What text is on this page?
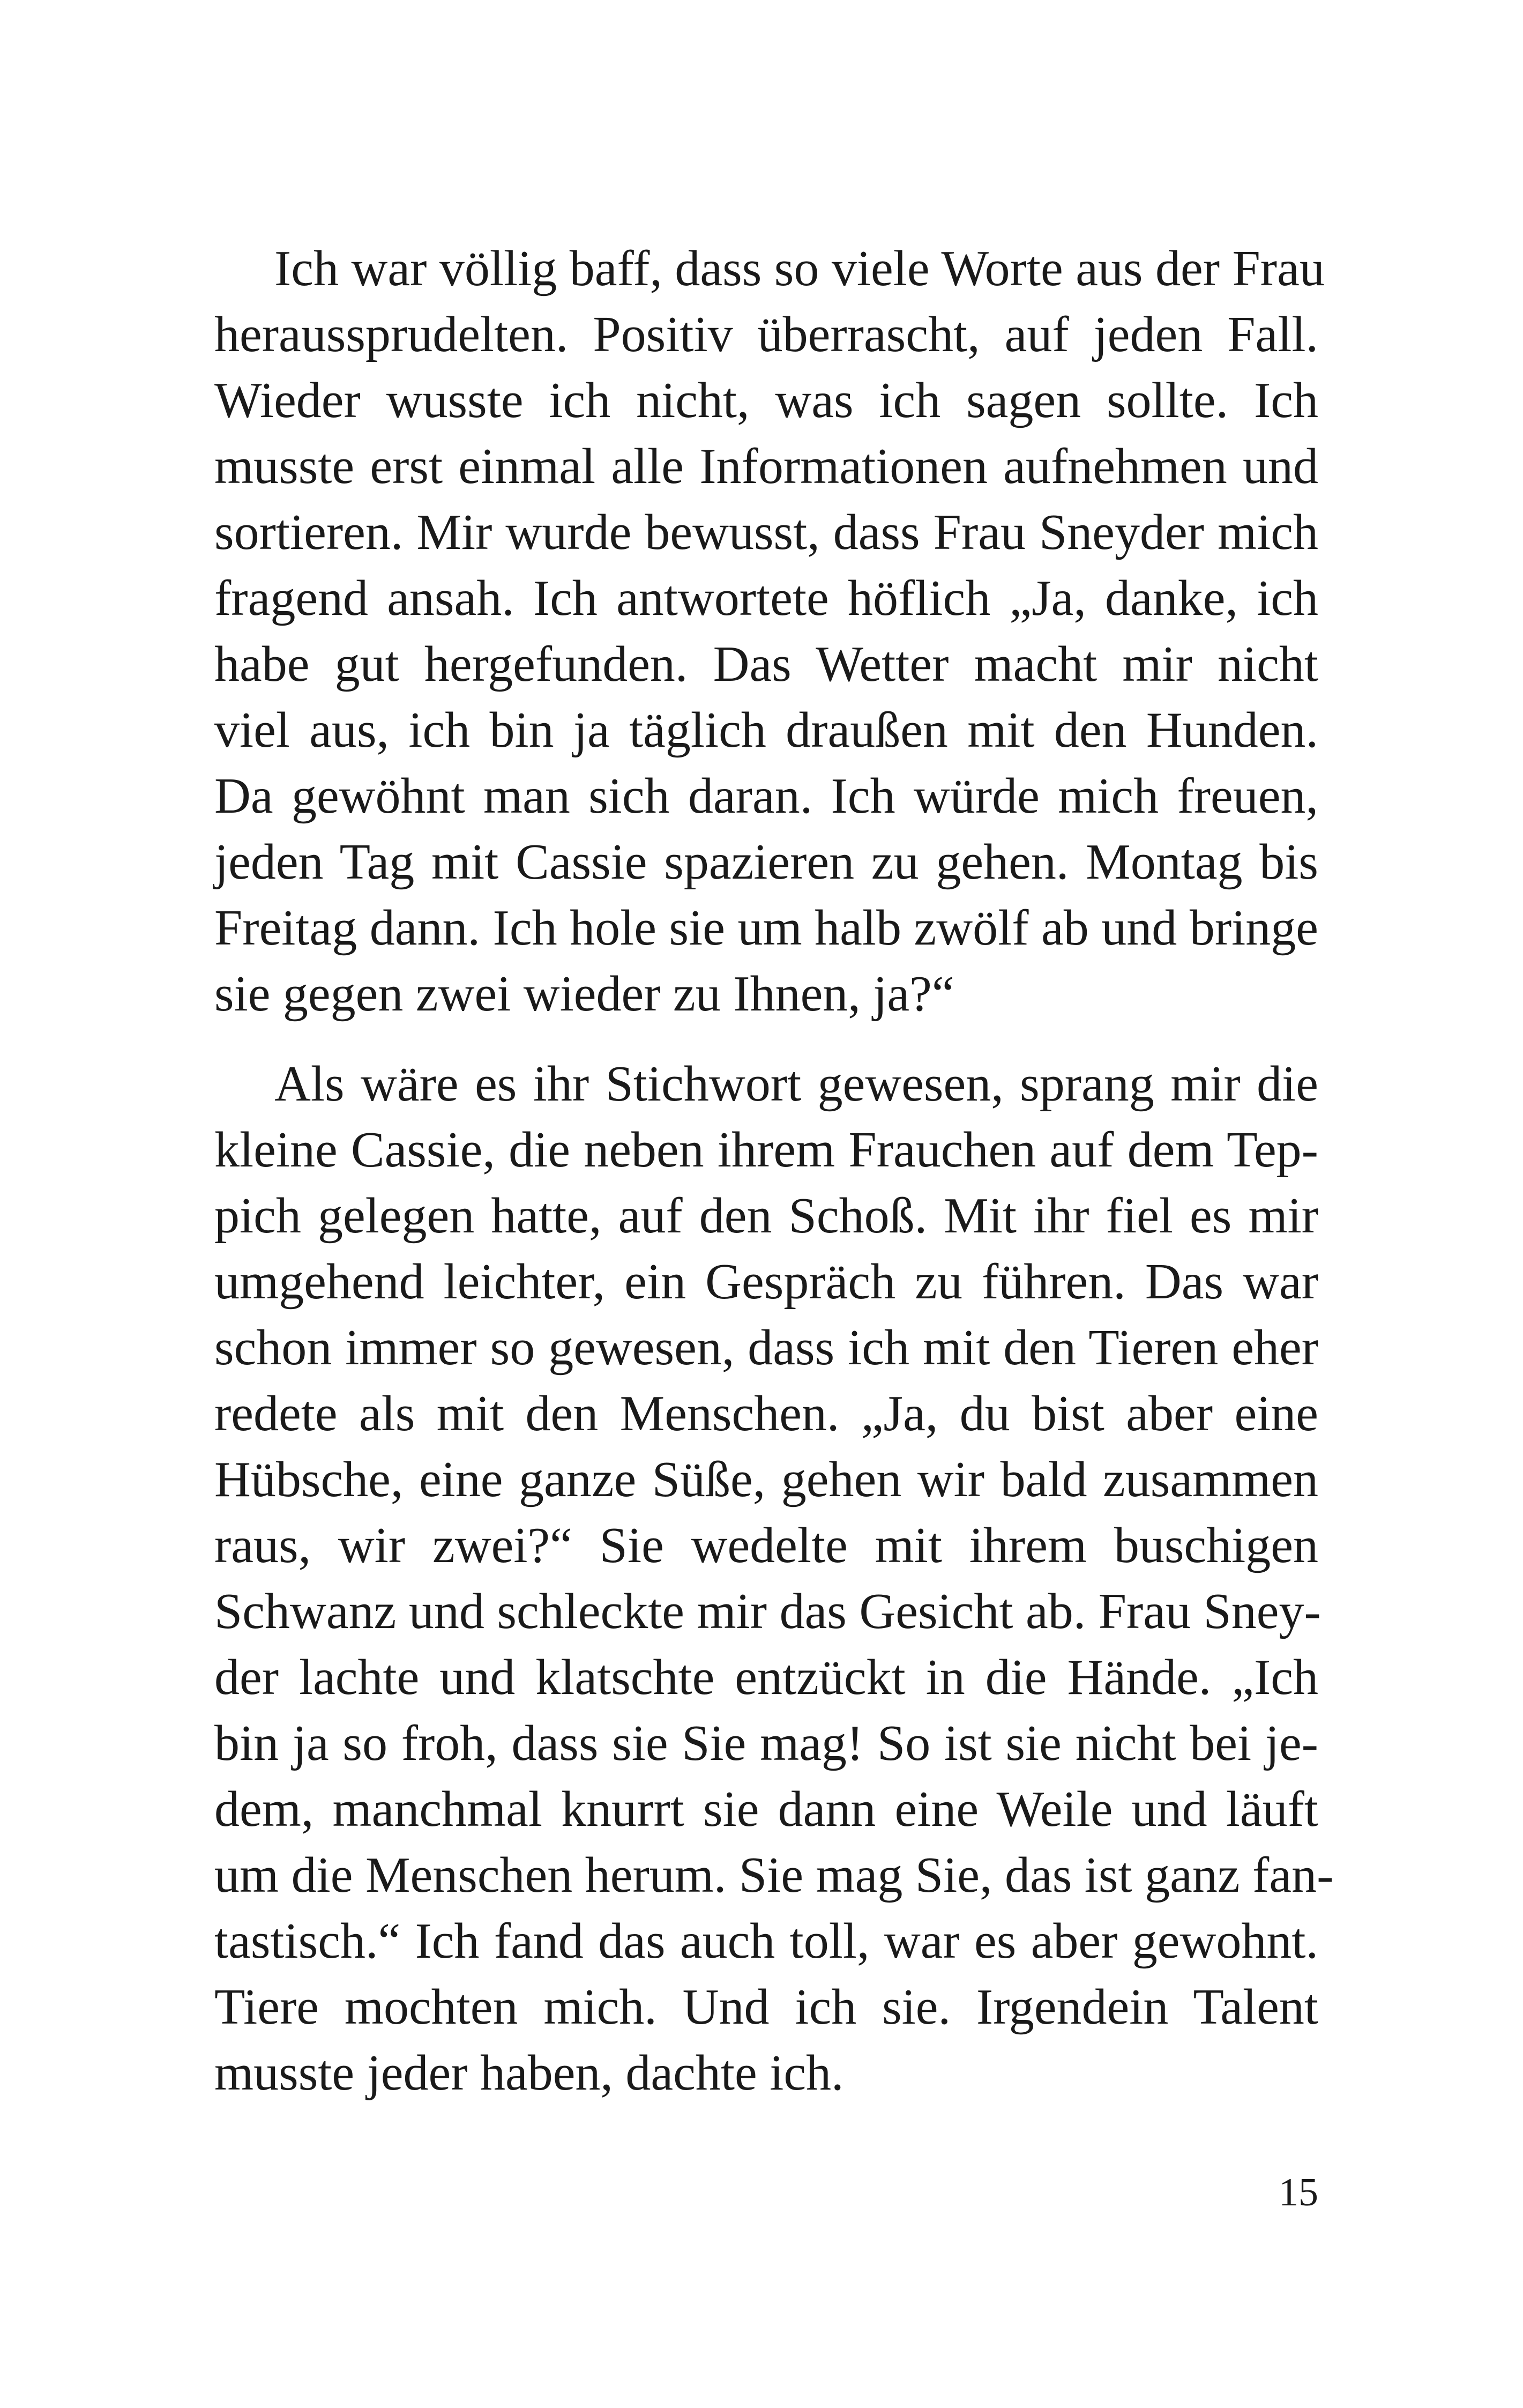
Ich war völlig baff, dass so viele Worte aus der Frau
heraussprudelten. Positiv überrascht, auf jeden Fall.
Wieder wusste ich nicht, was ich sagen sollte. Ich
musste erst einmal alle Informationen aufnehmen und
sortieren. Mir wurde bewusst, dass Frau Sneyder mich
fragend ansah. Ich antwortete höflich „Ja, danke, ich
habe gut hergefunden. Das Wetter macht mir nicht
viel aus, ich bin ja täglich draußen mit den Hunden.
Da gewöhnt man sich daran. Ich würde mich freuen,
jeden Tag mit Cassie spazieren zu gehen. Montag bis
Freitag dann. Ich hole sie um halb zwölf ab und bringe
sie gegen zwei wieder zu Ihnen, ja?“
Als wäre es ihr Stichwort gewesen, sprang mir die
kleine Cassie, die neben ihrem Frauchen auf dem Tep-
pich gelegen hatte, auf den Schoß. Mit ihr fiel es mir
umgehend leichter, ein Gespräch zu führen. Das war
schon immer so gewesen, dass ich mit den Tieren eher
redete als mit den Menschen. „Ja, du bist aber eine
Hübsche, eine ganze Süße, gehen wir bald zusammen
raus, wir zwei?“ Sie wedelte mit ihrem buschigen
Schwanz und schleckte mir das Gesicht ab. Frau Sney-
der lachte und klatschte entzückt in die Hände. „Ich
bin ja so froh, dass sie Sie mag! So ist sie nicht bei je-
dem, manchmal knurrt sie dann eine Weile und läuft
um die Menschen herum. Sie mag Sie, das ist ganz fan-
tastisch.“ Ich fand das auch toll, war es aber gewohnt.
Tiere mochten mich. Und ich sie. Irgendein Talent
musste jeder haben, dachte ich.
15
